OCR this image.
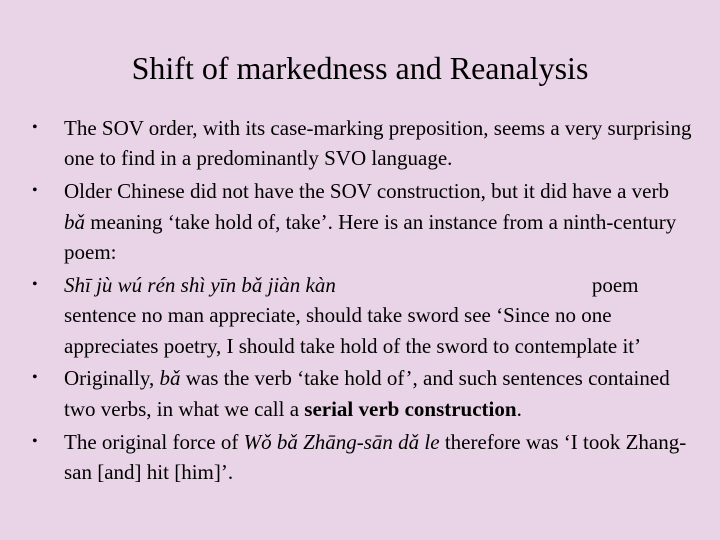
Shift of markedness and Reanalysis
•	The SOV order, with its case-marking preposition, seems a very surprising one to find in a predominantly SVO language.
•	Older Chinese did not have the SOV construction, but it did have a verb bǎ meaning ‘take hold of, take’. Here is an instance from a ninth-century poem:
•	Shī jù wú rén shì yīn bǎ jiàn kàn	poem sentence no man appreciate, should take sword see ‘Since no one appreciates poetry, I should take hold of the sword to contemplate it’
•	Originally, bǎ was the verb ‘take hold of’, and such sentences contained two verbs, in what we call a serial verb construction.
•	The original force of Wǒ bǎ Zhāng-sān dǎ le therefore was ‘I took Zhang-san [and] hit [him]’.
